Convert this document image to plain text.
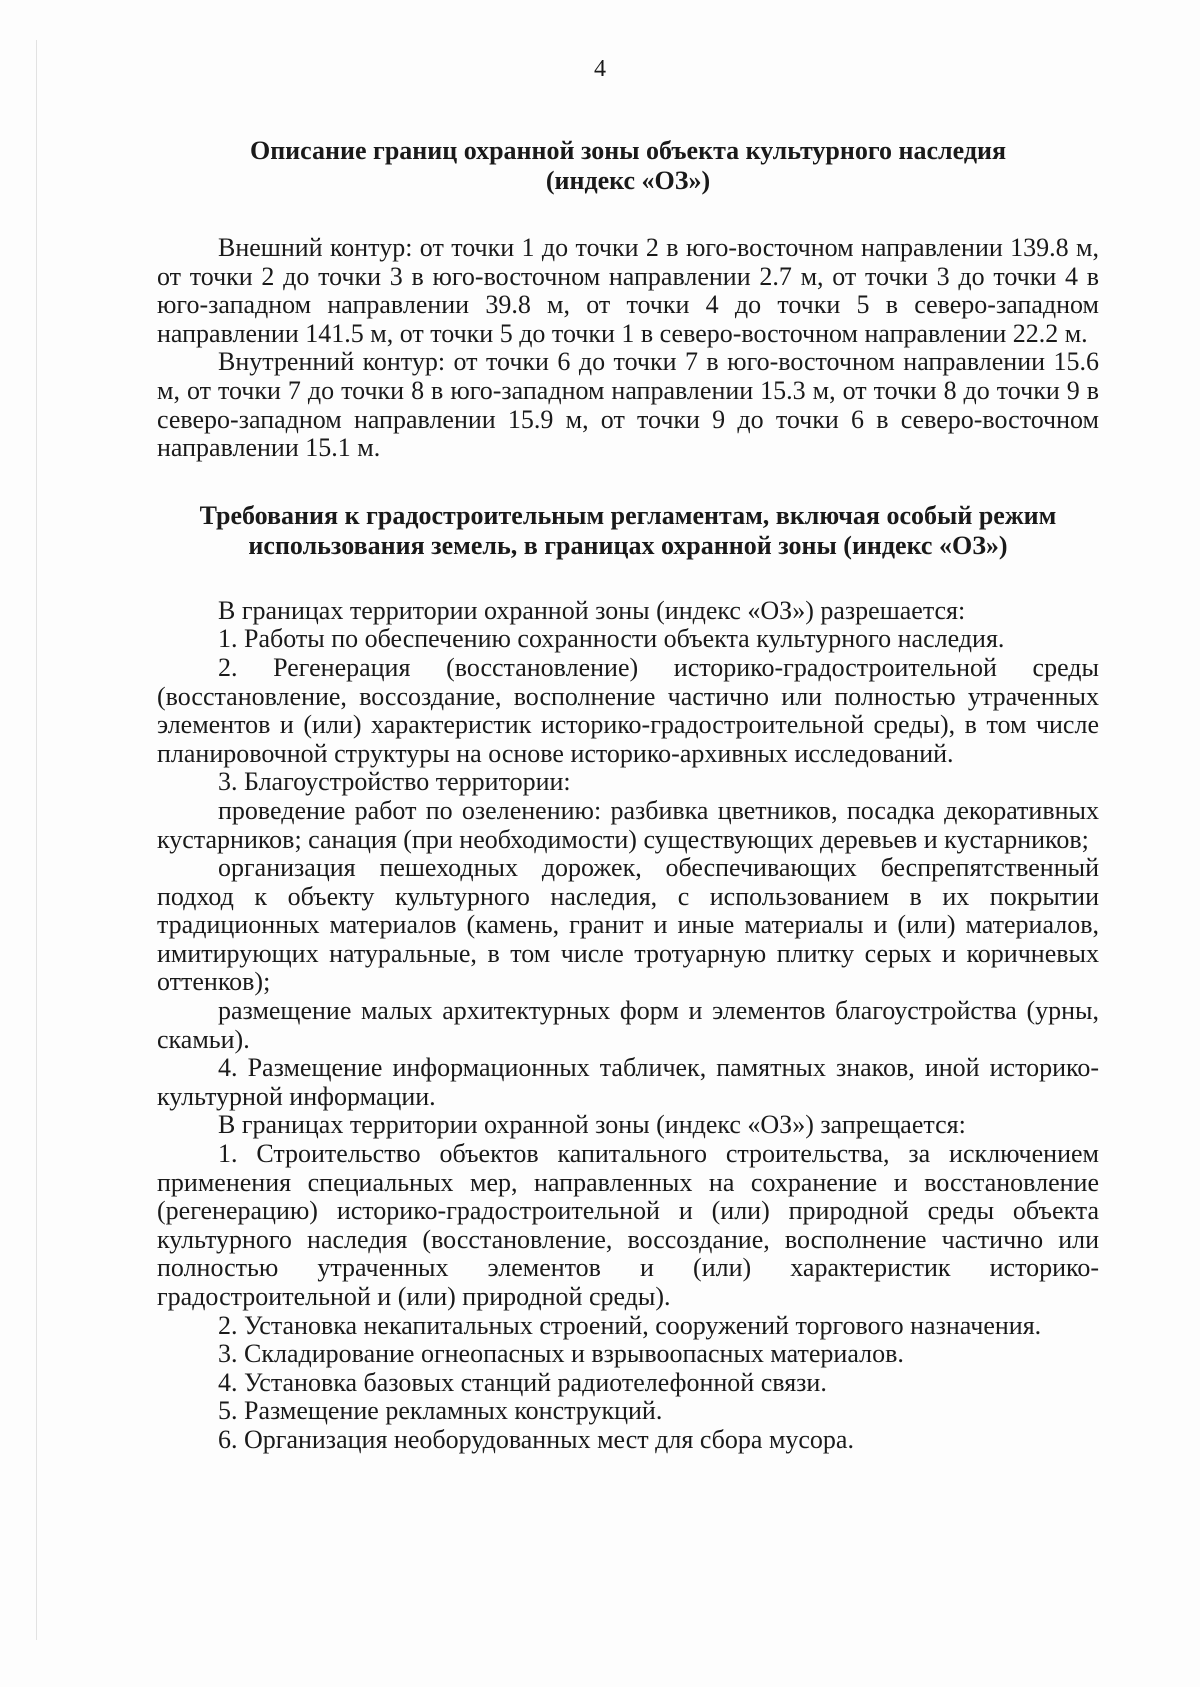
4
Описание границ охранной зоны объекта культурного наследия
(индекс «ОЗ»)

Внешний контур: от точки 1 до точки 2 в юго-восточном направлении 139.8 м, от точки 2 до точки 3 в юго-восточном направлении 2.7 м, от точки 3 до точки 4 в юго-западном направлении 39.8 м, от точки 4 до точки 5 в северо-западном направлении 141.5 м, от точки 5 до точки 1 в северо-восточном направлении 22.2 м.

Внутренний контур: от точки 6 до точки 7 в юго-восточном направлении 15.6 м, от точки 7 до точки 8 в юго-западном направлении 15.3 м, от точки 8 до точки 9 в северо-западном направлении 15.9 м, от точки 9 до точки 6 в северо-восточном направлении 15.1 м.

Требования к градостроительным регламентам, включая особый режим
использования земель, в границах охранной зоны (индекс «ОЗ»)

В границах территории охранной зоны (индекс «ОЗ») разрешается:

1. Работы по обеспечению сохранности объекта культурного наследия.

2. Регенерация (восстановление) историко-градостроительной среды (восстановление, воссоздание, восполнение частично или полностью утраченных элементов и (или) характеристик историко-градостроительной среды), в том числе планировочной структуры на основе историко-архивных исследований.

3. Благоустройство территории:

проведение работ по озеленению: разбивка цветников, посадка декоративных кустарников; санация (при необходимости) существующих деревьев и кустарников;

организация пешеходных дорожек, обеспечивающих беспрепятственный подход к объекту культурного наследия, с использованием в их покрытии традиционных материалов (камень, гранит и иные материалы и (или) материалов, имитирующих натуральные, в том числе тротуарную плитку серых и коричневых оттенков);

размещение малых архитектурных форм и элементов благоустройства (урны, скамьи).

4. Размещение информационных табличек, памятных знаков, иной историко-культурной информации.

В границах территории охранной зоны (индекс «ОЗ») запрещается:

1. Строительство объектов капитального строительства, за исключением применения специальных мер, направленных на сохранение и восстановление (регенерацию) историко-градостроительной и (или) природной среды объекта культурного наследия (восстановление, воссоздание, восполнение частично или полностью утраченных элементов и (или) характеристик историко-градостроительной и (или) природной среды).

2. Установка некапитальных строений, сооружений торгового назначения.

3. Складирование огнеопасных и взрывоопасных материалов.

4. Установка базовых станций радиотелефонной связи.

5. Размещение рекламных конструкций.

6. Организация необорудованных мест для сбора мусора.
